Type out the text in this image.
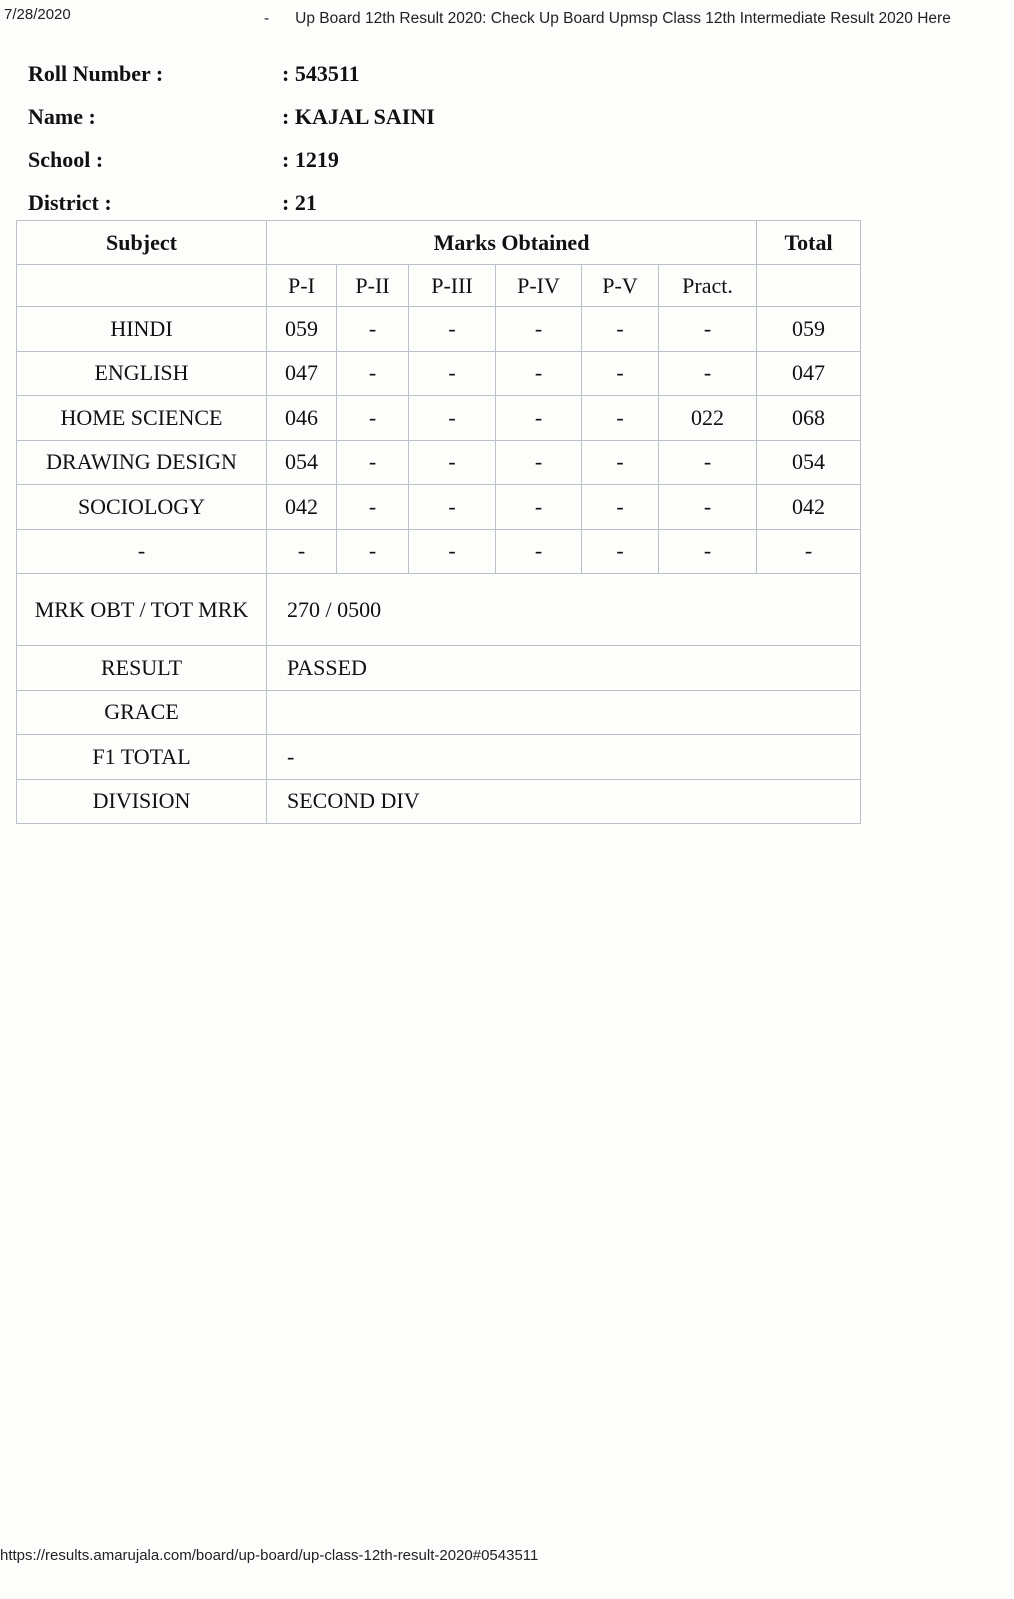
7/28/2020	- Up Board 12th Result 2020: Check Up Board Upmsp Class 12th Intermediate Result 2020 Here
Roll Number :	: 543511
Name :	: KAJAL SAINI
School :	: 1219
District :	: 21
Subject	Marks Obtained						Total
	P-I	P-II	P-III	P-IV	P-V	Pract.	
HINDI	059	-	-	-	-	-	059
ENGLISH	047	-	-	-	-	-	047
HOME SCIENCE	046	-	-	-	-	022	068
DRAWING DESIGN	054	-	-	-	-	-	054
SOCIOLOGY	042	-	-	-	-	-	042
-	-	-	-	-	-	-	-
MRK OBT / TOT MRK	270 / 0500						
RESULT	PASSED						
GRACE							
F1 TOTAL	-						
DIVISION	SECOND DIV						
https://results.amarujala.com/board/up-board/up-class-12th-result-2020#0543511
